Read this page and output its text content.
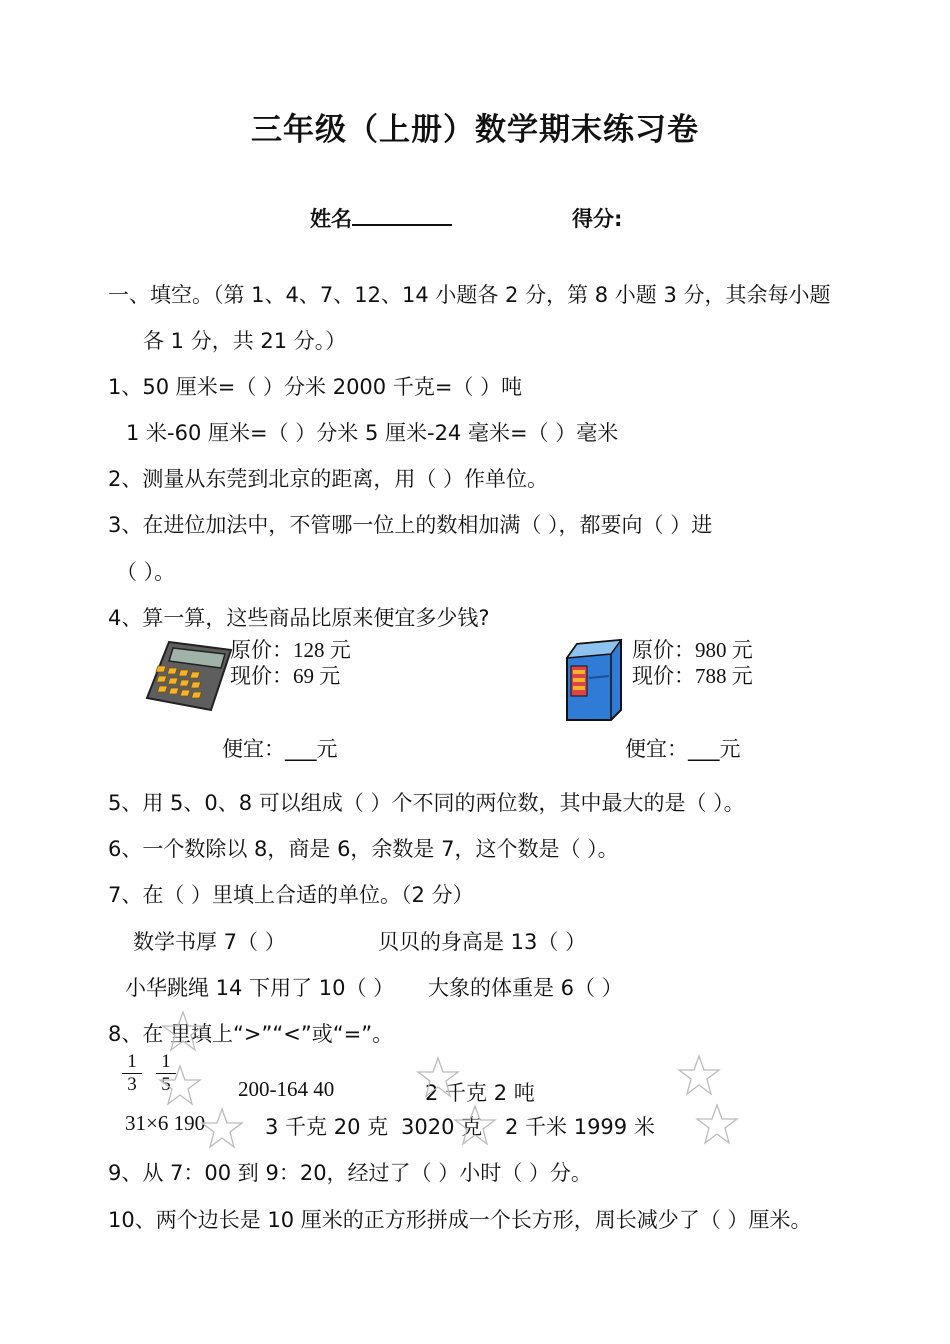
三年级（上册）数学期末练习卷
姓名	得分:
一、填空。（第 1、4、7、12、14 小题各 2 分，第 8 小题 3 分，其余每小题
各 1 分，共 21 分。）
1、50 厘米=（ ）分米 2000 千克=（ ）吨
1 米-60 厘米=（ ）分米 5 厘米-24 毫米=（ ）毫米
2、测量从东莞到北京的距离，用（ ）作单位。
3、在进位加法中，不管哪一位上的数相加满（ ），都要向（ ）进
（ ）。
4、算一算，这些商品比原来便宜多少钱?
原价：128 元
现价：69 元
便宜：___元
原价：980 元
现价：788 元
便宜：___元
5、用 5、0、8 可以组成（ ）个不同的两位数，其中最大的是（ ）。
6、一个数除以 8，商是 6，余数是 7，这个数是（ ）。
7、在（ ）里填上合适的单位。（2 分）
数学书厚 7（ ）	贝贝的身高是 13（ ）
小华跳绳 14 下用了 10（ ） 大象的体重是 6（ ）
8、在 里填上“>”“<”或“=”。
$\frac{1}{3} \frac{1}{5}$	200-164 40	2 千克 2 吨
31×6 190	3 千克 20 克 3020 克 2 千米 1999 米
9、从 7：00 到 9：20，经过了（ ）小时（ ）分。
10、两个边长是 10 厘米的正方形拼成一个长方形，周长减少了（ ）厘米。
